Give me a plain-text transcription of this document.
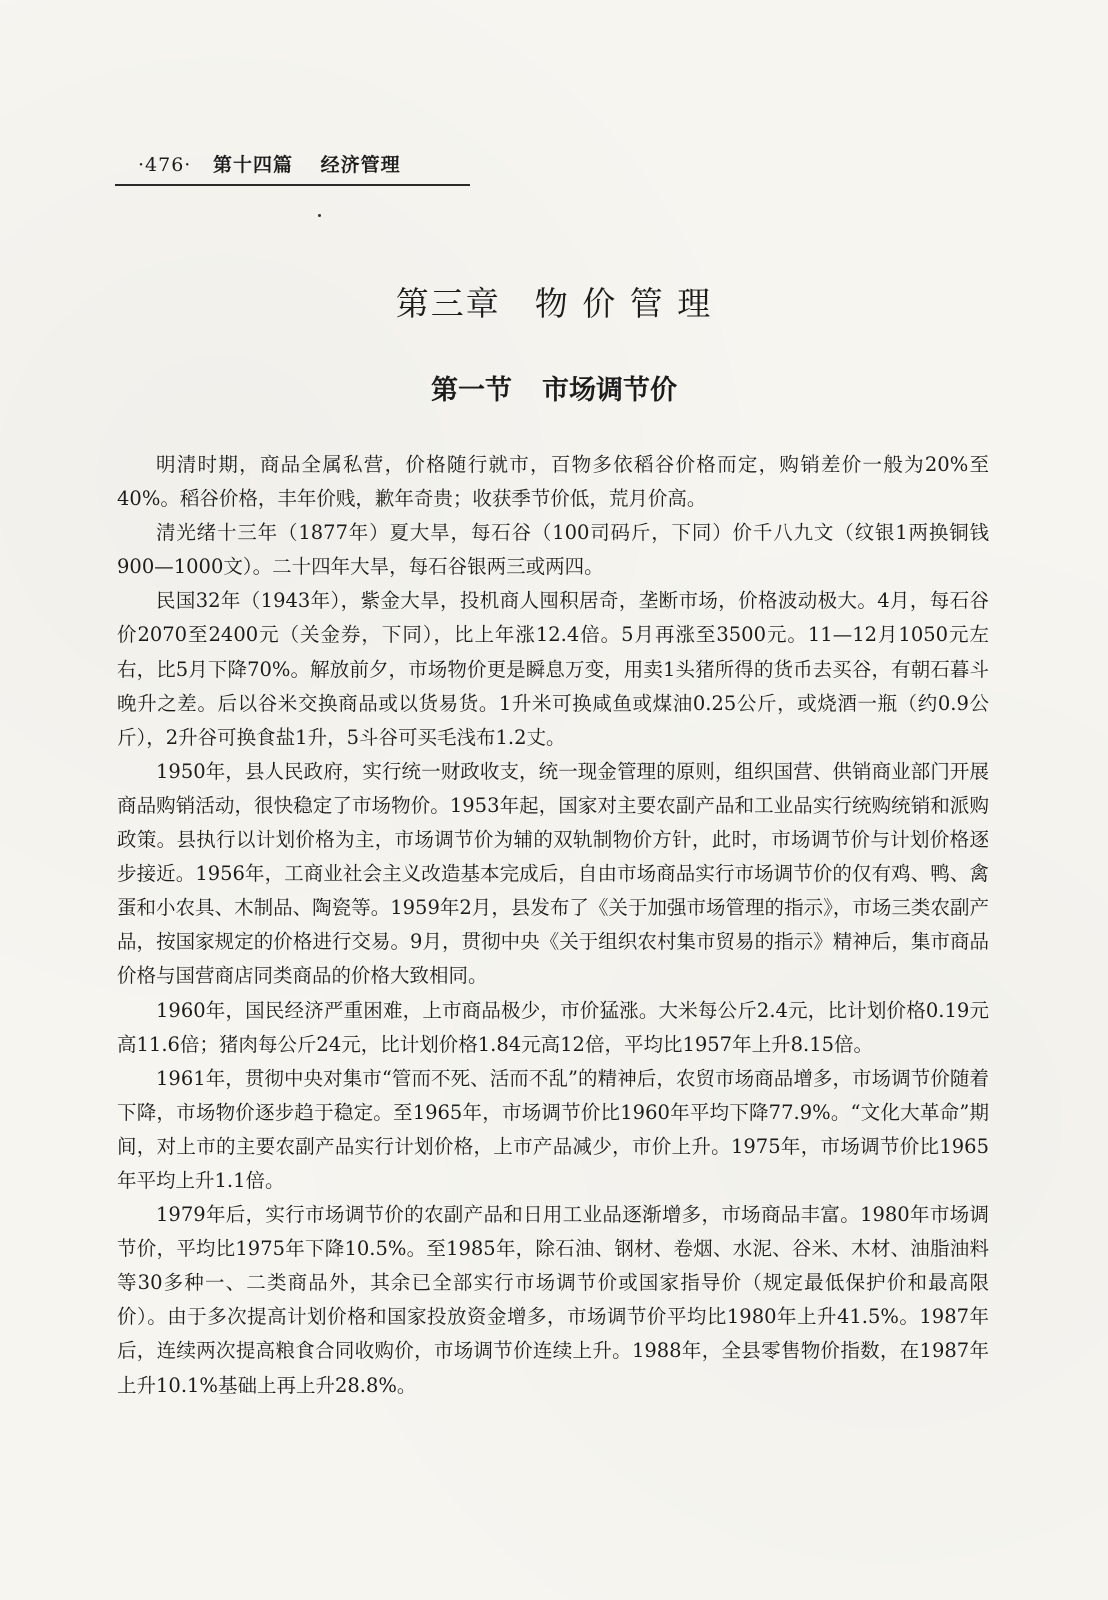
·476· 第十四篇 经济管理
第三章 物 价 管 理
第一节 市场调节价

明清时期，商品全属私营，价格随行就市，百物多依稻谷价格而定，购销差价一般为20%至40%。稻谷价格，丰年价贱，歉年奇贵；收获季节价低，荒月价高。

清光绪十三年（1877年）夏大旱，每石谷（100司码斤，下同）价千八九文（纹银1两换铜钱900—1000文）。二十四年大旱，每石谷银两三或两四。

民国32年（1943年），紫金大旱，投机商人囤积居奇，垄断市场，价格波动极大。4月，每石谷价2070至2400元（关金券，下同），比上年涨12.4倍。5月再涨至3500元。11—12月1050元左右，比5月下降70%。解放前夕，市场物价更是瞬息万变，用卖1头猪所得的货币去买谷，有朝石暮斗晚升之差。后以谷米交换商品或以货易货。1升米可换咸鱼或煤油0.25公斤，或烧酒一瓶（约0.9公斤），2升谷可换食盐1升，5斗谷可买毛浅布1.2丈。

1950年，县人民政府，实行统一财政收支，统一现金管理的原则，组织国营、供销商业部门开展商品购销活动，很快稳定了市场物价。1953年起，国家对主要农副产品和工业品实行统购统销和派购政策。县执行以计划价格为主，市场调节价为辅的双轨制物价方针，此时，市场调节价与计划价格逐步接近。1956年，工商业社会主义改造基本完成后，自由市场商品实行市场调节价的仅有鸡、鸭、禽蛋和小农具、木制品、陶瓷等。1959年2月，县发布了《关于加强市场管理的指示》，市场三类农副产品，按国家规定的价格进行交易。9月，贯彻中央《关于组织农村集市贸易的指示》精神后，集市商品价格与国营商店同类商品的价格大致相同。

1960年，国民经济严重困难，上市商品极少，市价猛涨。大米每公斤2.4元，比计划价格0.19元高11.6倍；猪肉每公斤24元，比计划价格1.84元高12倍，平均比1957年上升8.15倍。

1961年，贯彻中央对集市“管而不死、活而不乱”的精神后，农贸市场商品增多，市场调节价随着下降，市场物价逐步趋于稳定。至1965年，市场调节价比1960年平均下降77.9%。“文化大革命”期间，对上市的主要农副产品实行计划价格，上市产品减少，市价上升。1975年，市场调节价比1965年平均上升1.1倍。

1979年后，实行市场调节价的农副产品和日用工业品逐渐增多，市场商品丰富。1980年市场调节价，平均比1975年下降10.5%。至1985年，除石油、钢材、卷烟、水泥、谷米、木材、油脂油料等30多种一、二类商品外，其余已全部实行市场调节价或国家指导价（规定最低保护价和最高限价）。由于多次提高计划价格和国家投放资金增多，市场调节价平均比1980年上升41.5%。1987年后，连续两次提高粮食合同收购价，市场调节价连续上升。1988年，全县零售物价指数，在1987年上升10.1%基础上再上升28.8%。
